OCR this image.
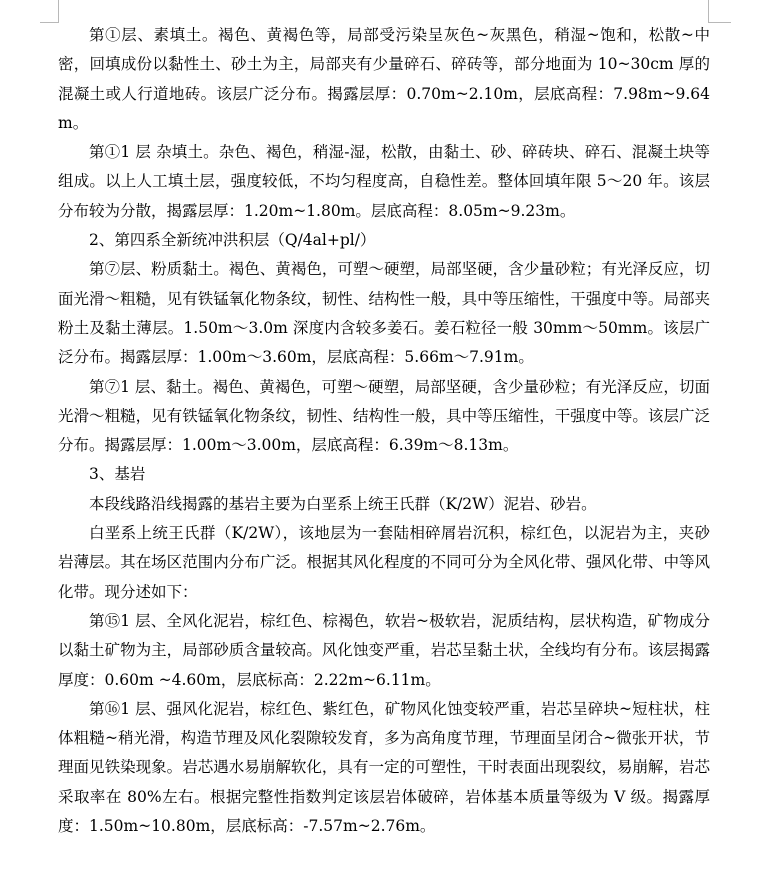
第①层、素填土。褐色、黄褐色等，局部受污染呈灰色~灰黑色，稍湿~饱和，松散~中密，回填成份以黏性土、砂土为主，局部夹有少量碎石、碎砖等，部分地面为 10~30cm 厚的混凝土或人行道地砖。该层广泛分布。揭露层厚：0.70m~2.10m，层底高程：7.98m~9.64m。

第①1 层 杂填土。杂色、褐色，稍湿-湿，松散，由黏土、砂、碎砖块、碎石、混凝土块等组成。以上人工填土层，强度较低，不均匀程度高，自稳性差。整体回填年限 5～20 年。该层分布较为分散，揭露层厚：1.20m~1.80m。层底高程：8.05m~9.23m。

2、第四系全新统冲洪积层（Q/4al+pl/）

第⑦层、粉质黏土。褐色、黄褐色，可塑～硬塑，局部坚硬，含少量砂粒；有光泽反应，切面光滑～粗糙，见有铁锰氧化物条纹，韧性、结构性一般，具中等压缩性，干强度中等。局部夹粉土及黏土薄层。1.50m～3.0m 深度内含较多姜石。姜石粒径一般 30mm～50mm。该层广泛分布。揭露层厚：1.00m～3.60m，层底高程：5.66m～7.91m。

第⑦1 层、黏土。褐色、黄褐色，可塑～硬塑，局部坚硬，含少量砂粒；有光泽反应，切面光滑～粗糙，见有铁锰氧化物条纹，韧性、结构性一般，具中等压缩性，干强度中等。该层广泛分布。揭露层厚：1.00m～3.00m，层底高程：6.39m～8.13m。

3、基岩

本段线路沿线揭露的基岩主要为白垩系上统王氏群（K/2W）泥岩、砂岩。

白垩系上统王氏群（K/2W），该地层为一套陆相碎屑岩沉积，棕红色，以泥岩为主，夹砂岩薄层。其在场区范围内分布广泛。根据其风化程度的不同可分为全风化带、强风化带、中等风化带。现分述如下：

第⑮1 层、全风化泥岩，棕红色、棕褐色，软岩~极软岩，泥质结构，层状构造，矿物成分以黏土矿物为主，局部砂质含量较高。风化蚀变严重，岩芯呈黏土状，全线均有分布。该层揭露厚度：0.60m ~4.60m，层底标高：2.22m~6.11m。

第⑯1 层、强风化泥岩，棕红色、紫红色，矿物风化蚀变较严重，岩芯呈碎块~短柱状，柱体粗糙~稍光滑，构造节理及风化裂隙较发育，多为高角度节理，节理面呈闭合~微张开状，节理面见铁染现象。岩芯遇水易崩解软化，具有一定的可塑性，干时表面出现裂纹，易崩解，岩芯采取率在 80%左右。根据完整性指数判定该层岩体破碎，岩体基本质量等级为 V 级。揭露厚度：1.50m~10.80m，层底标高：-7.57m~2.76m。
